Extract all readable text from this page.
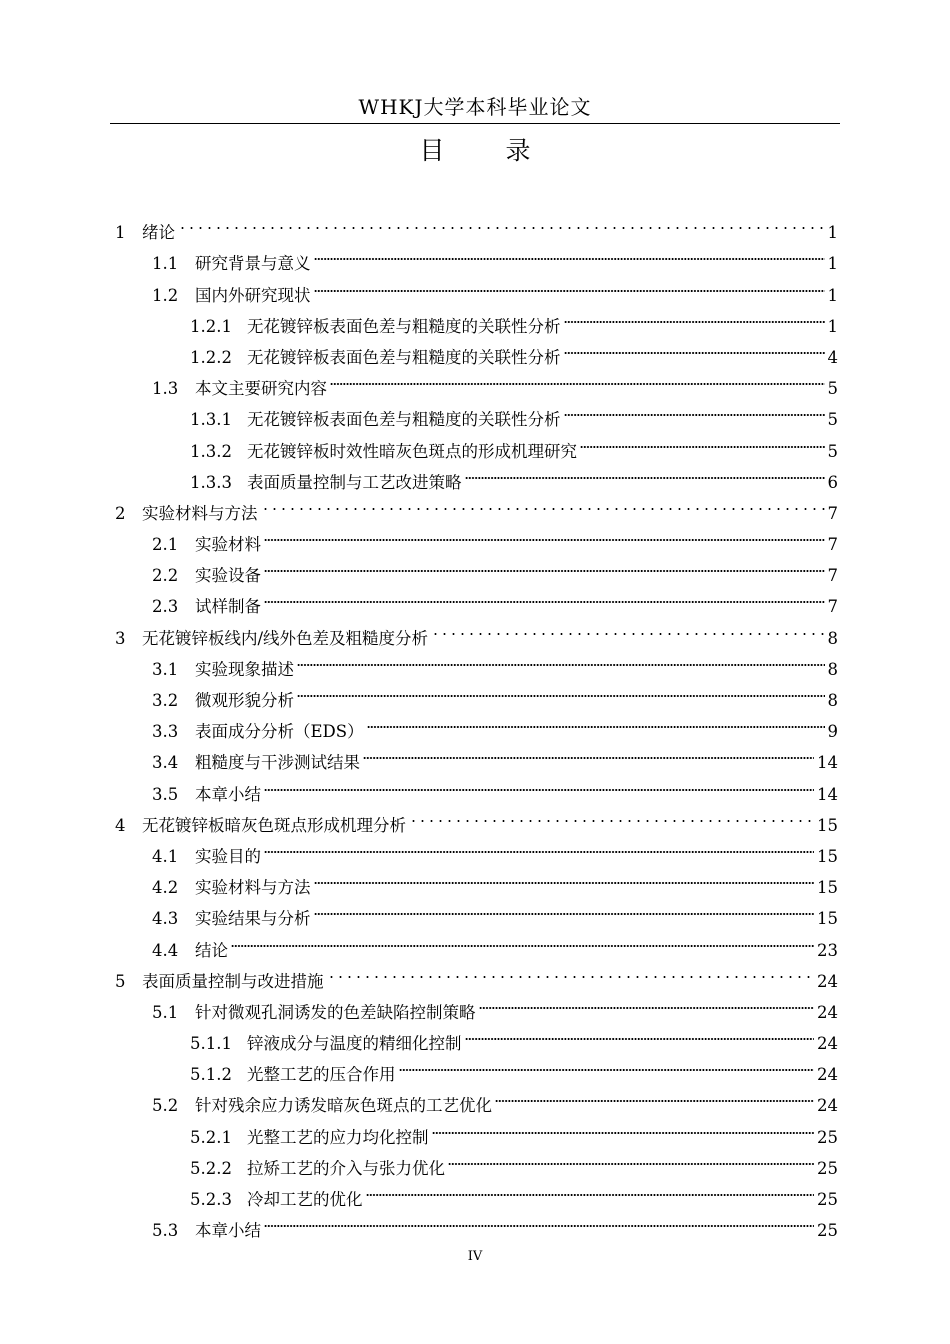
WHKJ大学本科毕业论文
目　录
1	绪论	1
1.1	研究背景与意义	1
1.2	国内外研究现状	1
1.2.1 无花镀锌板表面色差与粗糙度的关联性分析	1
1.2.2 无花镀锌板表面色差与粗糙度的关联性分析	4
1.3	本文主要研究内容	5
1.3.1 无花镀锌板表面色差与粗糙度的关联性分析	5
1.3.2 无花镀锌板时效性暗灰色斑点的形成机理研究	5
1.3.3 表面质量控制与工艺改进策略	6
2	实验材料与方法	7
2.1	实验材料	7
2.2	实验设备	7
2.3	试样制备	7
3	无花镀锌板线内/线外色差及粗糙度分析	8
3.1	实验现象描述	8
3.2	微观形貌分析	8
3.3	表面成分分析（EDS）	9
3.4	粗糙度与干涉测试结果	14
3.5	本章小结	14
4	无花镀锌板暗灰色斑点形成机理分析	15
4.1	实验目的	15
4.2	实验材料与方法	15
4.3	实验结果与分析	15
4.4	结论	23
5	表面质量控制与改进措施	24
5.1	针对微观孔洞诱发的色差缺陷控制策略	24
5.1.1 锌液成分与温度的精细化控制	24
5.1.2 光整工艺的压合作用	24
5.2	针对残余应力诱发暗灰色斑点的工艺优化	24
5.2.1 光整工艺的应力均化控制	25
5.2.2 拉矫工艺的介入与张力优化	25
5.2.3 冷却工艺的优化	25
5.3	本章小结	25
IV
